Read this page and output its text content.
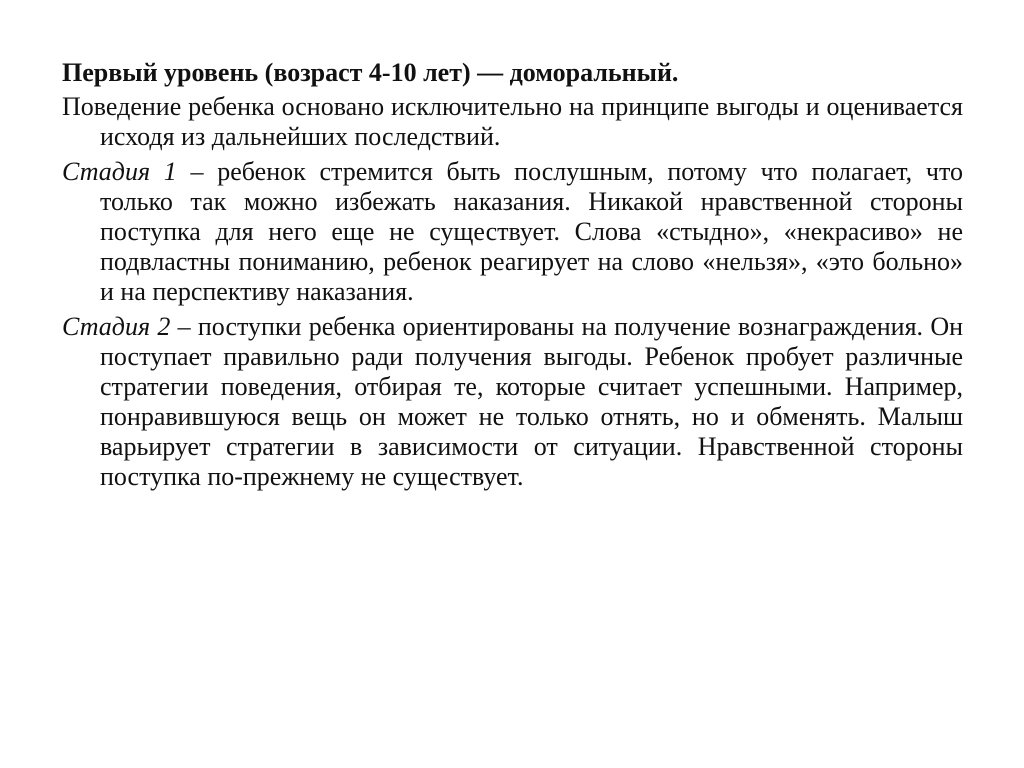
Первый уровень (возраст 4-10 лет) — доморальный.

Поведение ребенка основано исключительно на принципе выгоды и оценивается исходя из дальнейших последствий.

Стадия 1 – ребенок стремится быть послушным, потому что полагает, что только так можно избежать наказания. Никакой нравственной стороны поступка для него еще не существует. Слова «стыдно», «некрасиво» не подвластны пониманию, ребенок реагирует на слово «нельзя», «это больно» и на перспективу наказания.

Стадия 2 – поступки ребенка ориентированы на получение вознаграждения. Он поступает правильно ради получения выгоды. Ребенок пробует различные стратегии поведения, отбирая те, которые считает успешными. Например, понравившуюся вещь он может не только отнять, но и обменять. Малыш варьирует стратегии в зависимости от ситуации. Нравственной стороны поступка по-прежнему не существует.
